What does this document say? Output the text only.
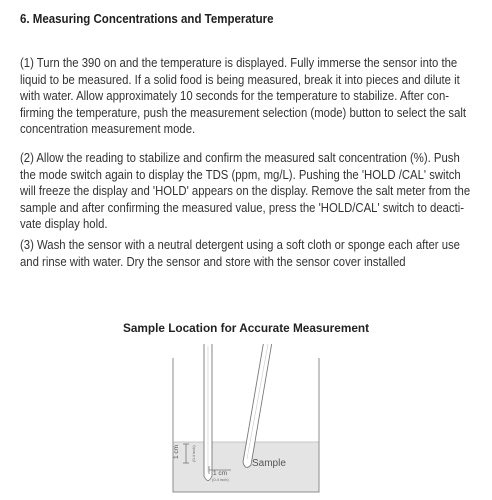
6. Measuring Concentrations and Temperature
(1) Turn the 390 on and the temperature is displayed. Fully immerse the sensor into the
liquid to be measured. If a solid food is being measured, break it into pieces and dilute it
with water. Allow approximately 10 seconds for the temperature to stabilize. After con-
firming the temperature, push the measurement selection (mode) button to select the salt
concentration measurement mode.
(2) Allow the reading to stabilize and confirm the measured salt concentration (%). Push
the mode switch again to display the TDS (ppm, mg/L). Pushing the 'HOLD /CAL' switch
will freeze the display and 'HOLD' appears on the display. Remove the salt meter from the
sample and after confirming the measured value, press the 'HOLD/CAL' switch to deacti-
vate display hold.
(3) Wash the sensor with a neutral detergent using a soft cloth or sponge each after use
and rinse with water. Dry the sensor and store with the sensor cover installed
Sample Location for Accurate Measurement
1 cm	(0.4 inch)
1 cm
(0.4 inch)
Sample
